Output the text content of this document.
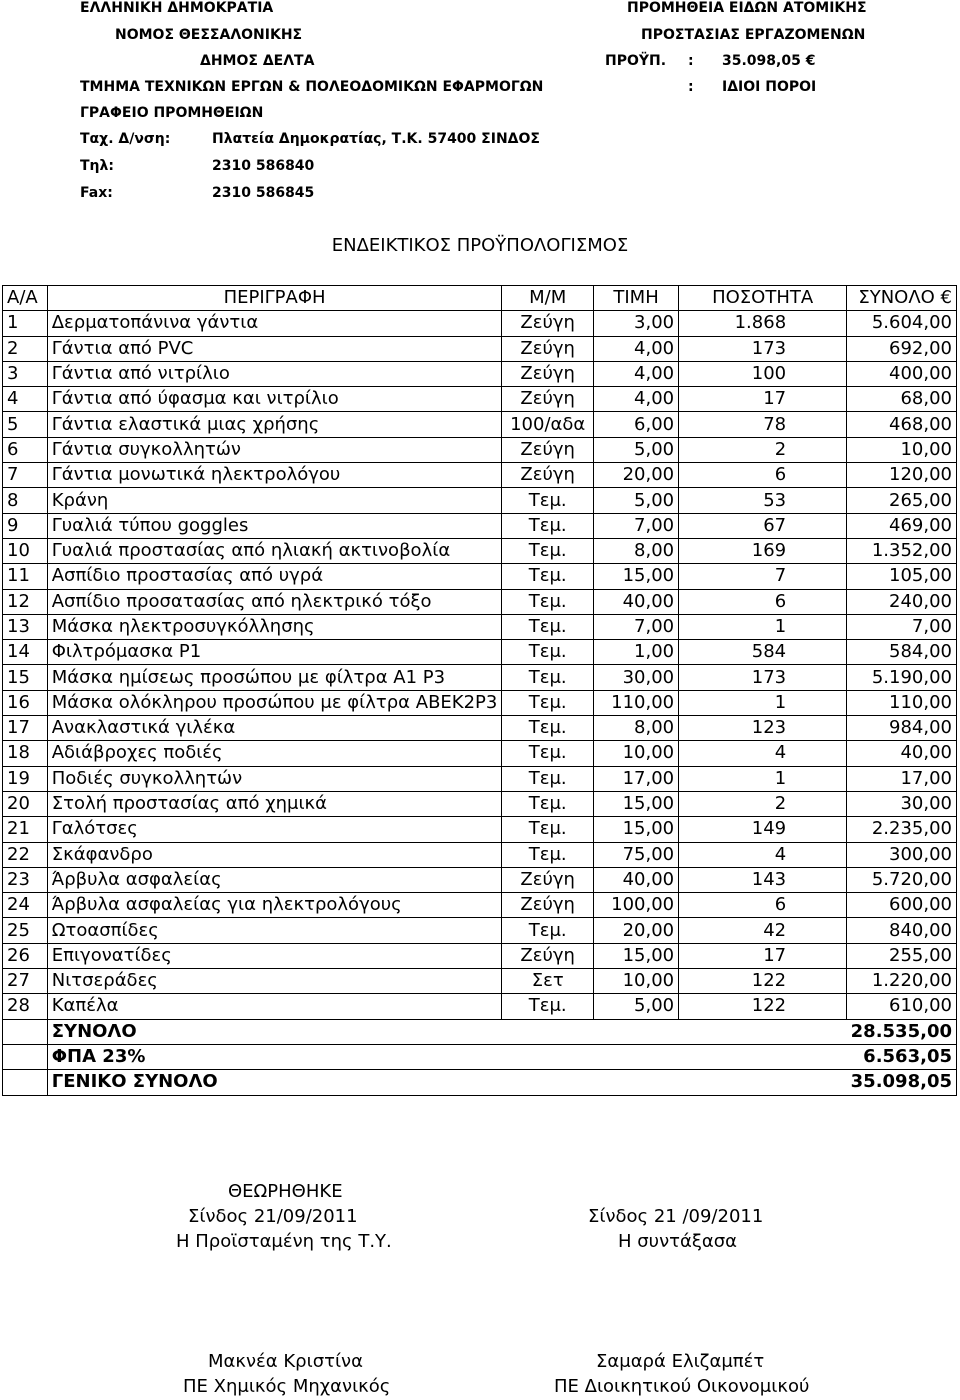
ΕΛΛΗΝΙΚΗ ΔΗΜΟΚΡΑΤΙΑ
ΝΟΜΟΣ ΘΕΣΣΑΛΟΝΙΚΗΣ
ΔΗΜΟΣ ΔΕΛΤΑ
ΤΜΗΜΑ ΤΕΧΝΙΚΩΝ ΕΡΓΩΝ & ΠΟΛΕΟΔΟΜΙΚΩΝ ΕΦΑΡΜΟΓΩΝ
ΓΡΑΦΕΙΟ ΠΡΟΜΗΘΕΙΩΝ
Ταχ. Δ/νση:	Πλατεία Δημοκρατίας, Τ.Κ. 57400 ΣΙΝΔΟΣ
Τηλ:	2310 586840
Fax:	2310 586845
ΠΡΟΜΗΘΕΙΑ ΕΙΔΩΝ ΑΤΟΜΙΚΗΣ
ΠΡΟΣΤΑΣΙΑΣ ΕΡΓΑΖΟΜΕΝΩΝ
ΠΡΟΫΠ. : 35.098,05 €
: ΙΔΙΟΙ ΠΟΡΟΙ
ΕΝΔΕΙΚΤΙΚΟΣ ΠΡΟΫΠΟΛΟΓΙΣΜΟΣ
Α/Α	ΠΕΡΙΓΡΑΦΗ	Μ/Μ	ΤΙΜΗ	ΠΟΣΟΤΗΤΑ	ΣΥΝΟΛΟ €
1	Δερματοπάνινα γάντια	Ζεύγη	3,00	1.868	5.604,00
2	Γάντια από PVC	Ζεύγη	4,00	173	692,00
3	Γάντια από νιτρίλιο	Ζεύγη	4,00	100	400,00
4	Γάντια από ύφασμα και νιτρίλιο	Ζεύγη	4,00	17	68,00
5	Γάντια ελαστικά μιας χρήσης	100/αδα	6,00	78	468,00
6	Γάντια συγκολλητών	Ζεύγη	5,00	2	10,00
7	Γάντια μονωτικά ηλεκτρολόγου	Ζεύγη	20,00	6	120,00
8	Κράνη	Τεμ.	5,00	53	265,00
9	Γυαλιά τύπου goggles	Τεμ.	7,00	67	469,00
10	Γυαλιά προστασίας από ηλιακή ακτινοβολία	Τεμ.	8,00	169	1.352,00
11	Ασπίδιο προστασίας από υγρά	Τεμ.	15,00	7	105,00
12	Ασπίδιο προσατασίας από ηλεκτρικό τόξο	Τεμ.	40,00	6	240,00
13	Μάσκα ηλεκτροσυγκόλλησης	Τεμ.	7,00	1	7,00
14	Φιλτρόμασκα P1	Τεμ.	1,00	584	584,00
15	Μάσκα ημίσεως προσώπου με φίλτρα A1 P3	Τεμ.	30,00	173	5.190,00
16	Μάσκα ολόκληρου προσώπου με φίλτρα ABEK2P3	Τεμ.	110,00	1	110,00
17	Ανακλαστικά γιλέκα	Τεμ.	8,00	123	984,00
18	Αδιάβροχες ποδιές	Τεμ.	10,00	4	40,00
19	Ποδιές συγκολλητών	Τεμ.	17,00	1	17,00
20	Στολή προστασίας από χημικά	Τεμ.	15,00	2	30,00
21	Γαλότσες	Τεμ.	15,00	149	2.235,00
22	Σκάφανδρο	Τεμ.	75,00	4	300,00
23	Άρβυλα ασφαλείας	Ζεύγη	40,00	143	5.720,00
24	Άρβυλα ασφαλείας για ηλεκτρολόγους	Ζεύγη	100,00	6	600,00
25	Ωτοασπίδες	Τεμ.	20,00	42	840,00
26	Επιγονατίδες	Ζεύγη	15,00	17	255,00
27	Νιτσεράδες	Σετ	10,00	122	1.220,00
28	Καπέλα	Τεμ.	5,00	122	610,00
	ΣΥΝΟΛΟ				28.535,00
	ΦΠΑ 23%				6.563,05
	ΓΕΝΙΚΟ ΣΥΝΟΛΟ				35.098,05
ΘΕΩΡΗΘΗΚΕ
Σίνδος 21/09/2011
Η Προϊσταμένη της Τ.Υ.
Σίνδος 21 /09/2011
Η συντάξασα
Μακνέα Κριστίνα
ΠΕ Χημικός Μηχανικός
Σαμαρά Ελιζαμπέτ
ΠΕ Διοικητικού Οικονομικού
